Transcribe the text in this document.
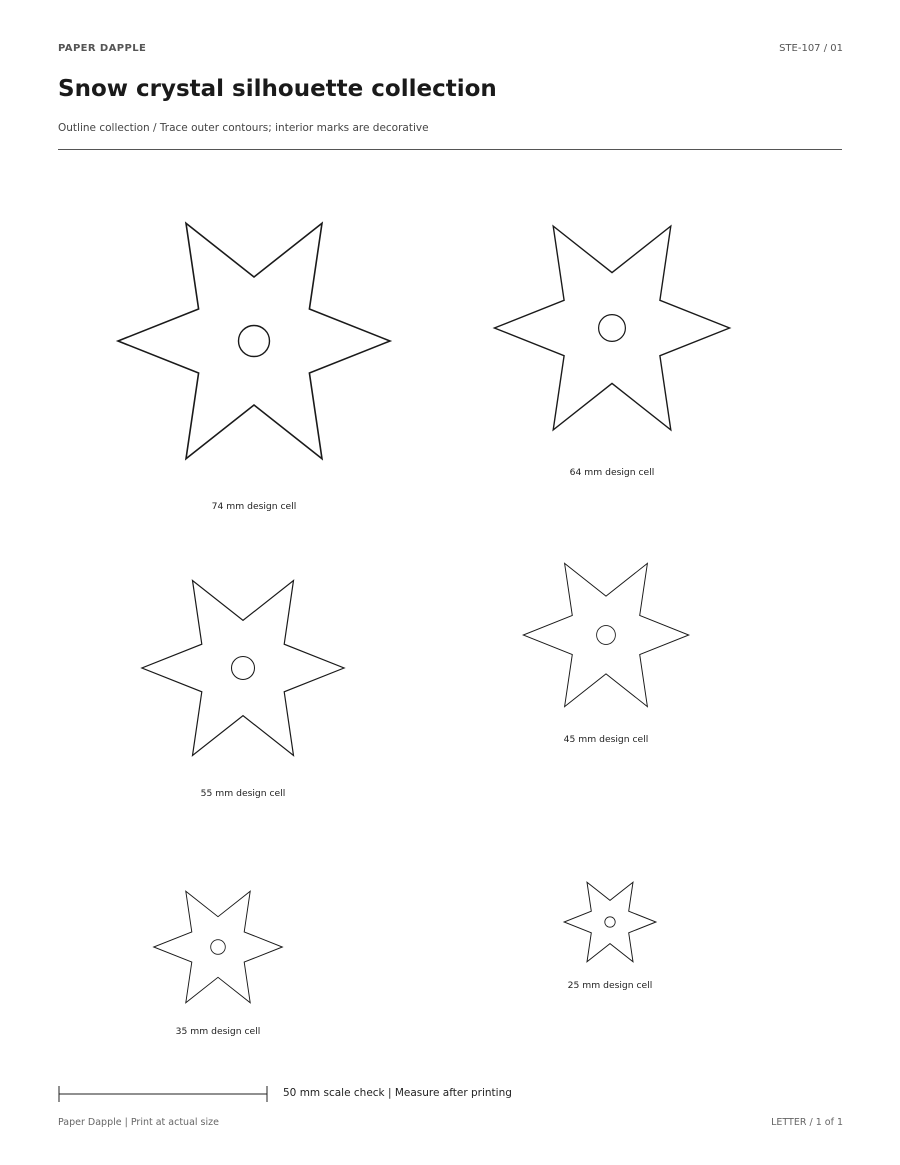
PAPER DAPPLE	STE-107 / 01
Snow crystal silhouette collection
Outline collection / Trace outer contours; interior marks are decorative
74 mm design cell
64 mm design cell
55 mm design cell
45 mm design cell
35 mm design cell
25 mm design cell
50 mm scale check | Measure after printing
Paper Dapple | Print at actual size	LETTER / 1 of 1
